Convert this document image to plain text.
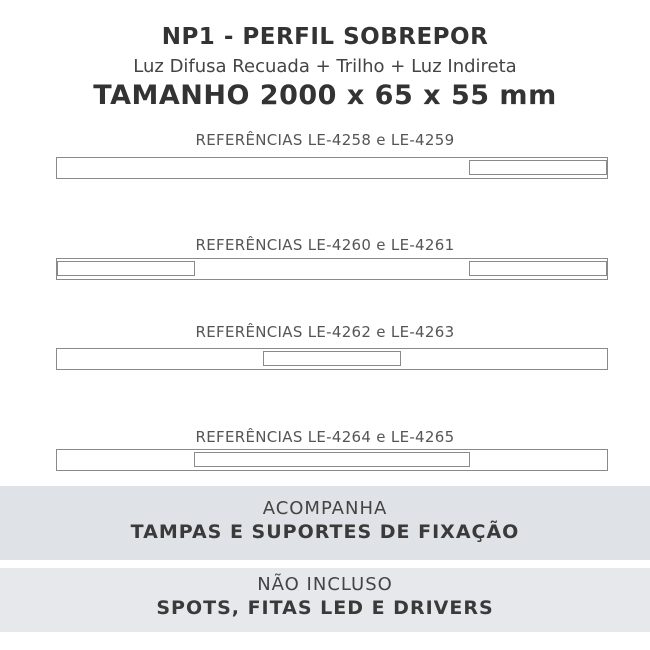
NP1 - PERFIL SOBREPOR
Luz Difusa Recuada + Trilho + Luz Indireta
TAMANHO 2000 x 65 x 55 mm
REFERÊNCIAS LE-4258 e LE-4259
REFERÊNCIAS LE-4260 e LE-4261
REFERÊNCIAS LE-4262 e LE-4263
REFERÊNCIAS LE-4264 e LE-4265
ACOMPANHA
TAMPAS E SUPORTES DE FIXAÇÃO
NÃO INCLUSO
SPOTS, FITAS LED E DRIVERS
